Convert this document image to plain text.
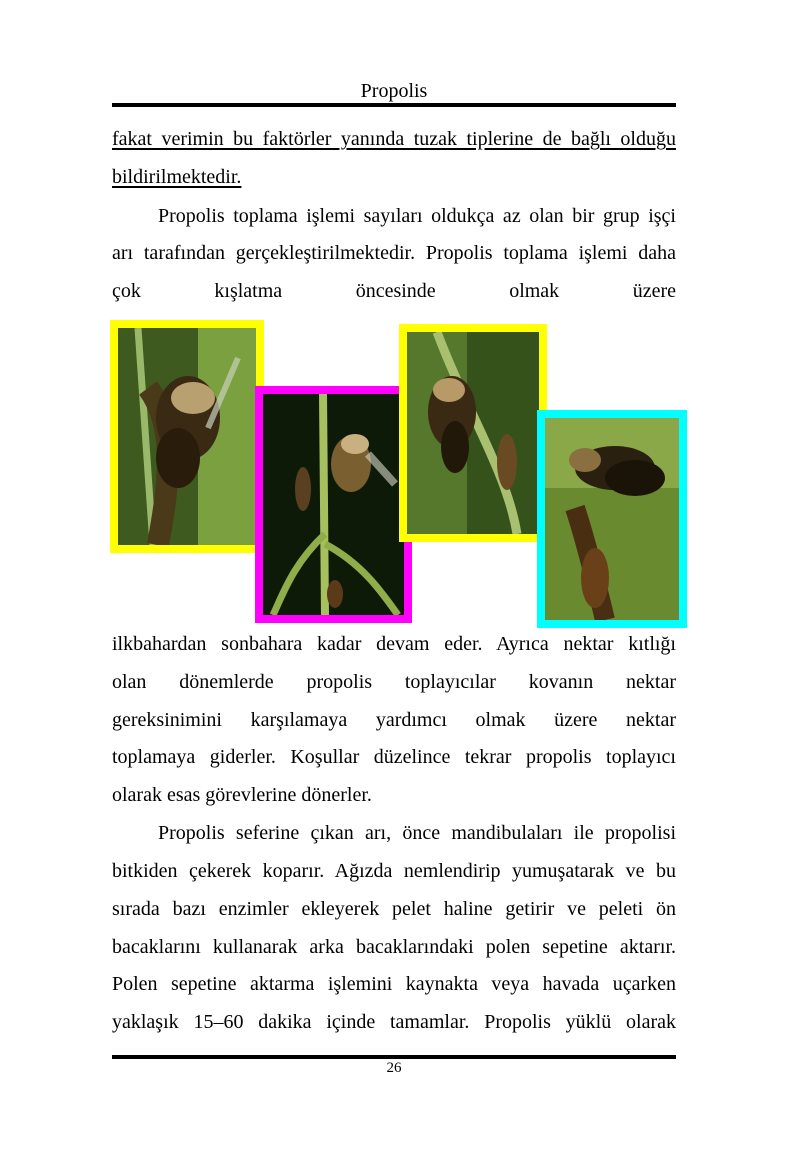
Propolis
fakat verimin bu faktörler yanında tuzak tiplerine de bağlı olduğu
bildirilmektedir.
Propolis toplama işlemi sayıları oldukça az olan bir grup işçi
arı tarafından gerçekleştirilmektedir. Propolis toplama işlemi daha
çok	kışlatma	öncesinde	olmak	üzere
ilkbahardan sonbahara kadar devam eder. Ayrıca nektar kıtlığı
olan dönemlerde propolis toplayıcılar kovanın nektar
gereksinimini karşılamaya yardımcı olmak üzere nektar
toplamaya giderler. Koşullar düzelince tekrar propolis toplayıcı
olarak esas görevlerine dönerler.
Propolis seferine çıkan arı, önce mandibulaları ile propolisi
bitkiden çekerek koparır. Ağızda nemlendirip yumuşatarak ve bu
sırada bazı enzimler ekleyerek pelet haline getirir ve peleti ön
bacaklarını kullanarak arka bacaklarındaki polen sepetine aktarır.
Polen sepetine aktarma işlemini kaynakta veya havada uçarken
yaklaşık 15–60 dakika içinde tamamlar. Propolis yüklü olarak
26
